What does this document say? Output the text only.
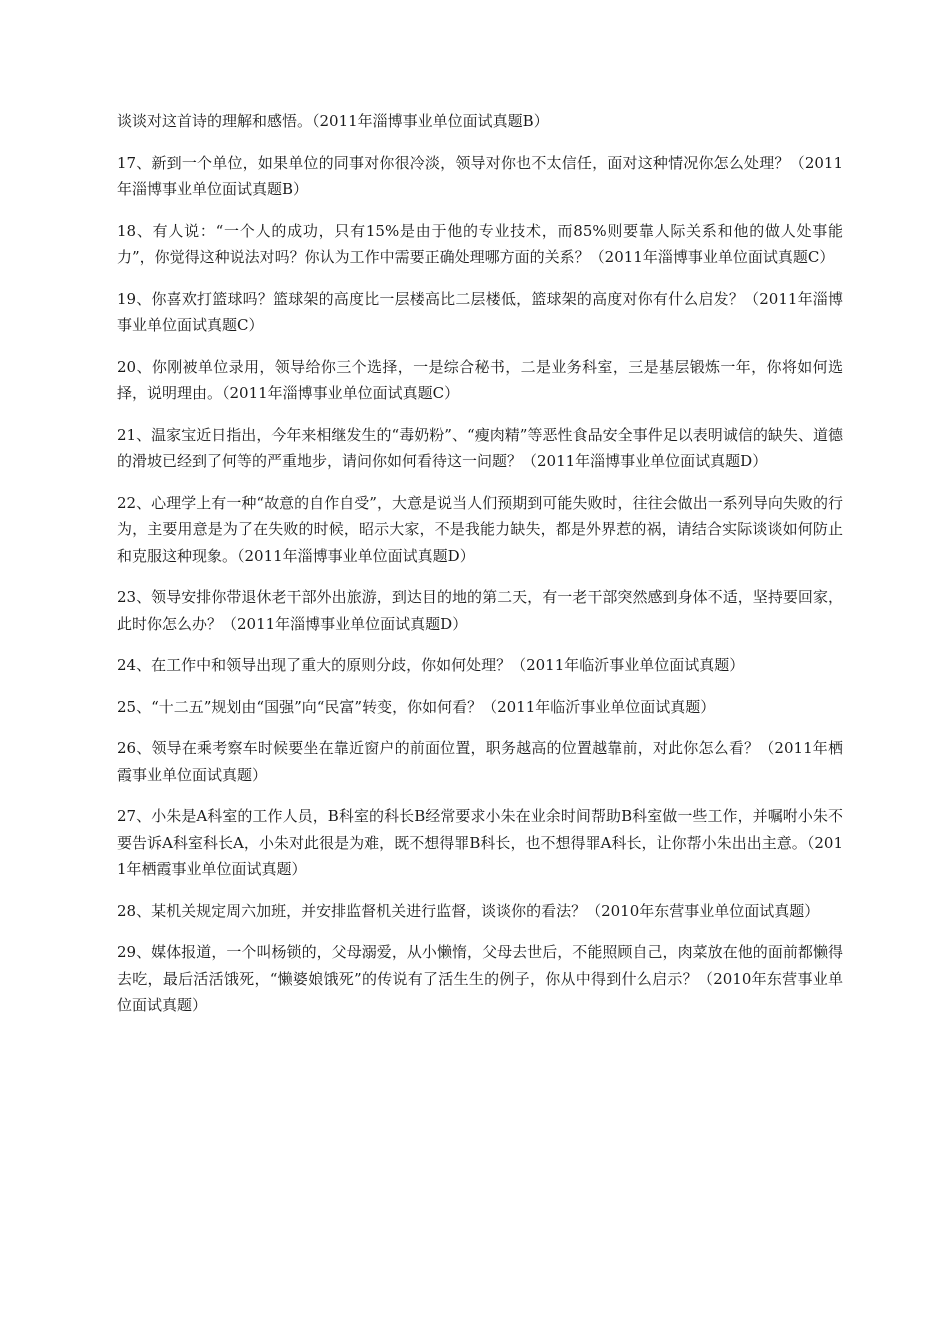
谈谈对这首诗的理解和感悟。（2011年淄博事业单位面试真题B）

17、新到一个单位，如果单位的同事对你很冷淡，领导对你也不太信任，面对这种情况你怎么处理？（2011年淄博事业单位面试真题B）

18、有人说：“一个人的成功，只有15%是由于他的专业技术，而85%则要靠人际关系和他的做人处事能力”，你觉得这种说法对吗？你认为工作中需要正确处理哪方面的关系？（2011年淄博事业单位面试真题C）

19、你喜欢打篮球吗？篮球架的高度比一层楼高比二层楼低，篮球架的高度对你有什么启发？（2011年淄博事业单位面试真题C）

20、你刚被单位录用，领导给你三个选择，一是综合秘书，二是业务科室，三是基层锻炼一年，你将如何选择，说明理由。（2011年淄博事业单位面试真题C）

21、温家宝近日指出，今年来相继发生的“毒奶粉”、“瘦肉精”等恶性食品安全事件足以表明诚信的缺失、道德的滑坡已经到了何等的严重地步，请问你如何看待这一问题？（2011年淄博事业单位面试真题D）

22、心理学上有一种“故意的自作自受”，大意是说当人们预期到可能失败时，往往会做出一系列导向失败的行为，主要用意是为了在失败的时候，昭示大家，不是我能力缺失，都是外界惹的祸，请结合实际谈谈如何防止和克服这种现象。（2011年淄博事业单位面试真题D）

23、领导安排你带退休老干部外出旅游，到达目的地的第二天，有一老干部突然感到身体不适，坚持要回家，此时你怎么办？（2011年淄博事业单位面试真题D）

24、在工作中和领导出现了重大的原则分歧，你如何处理？（2011年临沂事业单位面试真题）

25、“十二五”规划由“国强”向“民富”转变，你如何看？（2011年临沂事业单位面试真题）

26、领导在乘考察车时候要坐在靠近窗户的前面位置，职务越高的位置越靠前，对此你怎么看？（2011年栖霞事业单位面试真题）

27、小朱是A科室的工作人员，B科室的科长B经常要求小朱在业余时间帮助B科室做一些工作，并嘱咐小朱不要告诉A科室科长A，小朱对此很是为难，既不想得罪B科长，也不想得罪A科长，让你帮小朱出出主意。（2011年栖霞事业单位面试真题）

28、某机关规定周六加班，并安排监督机关进行监督，谈谈你的看法？（2010年东营事业单位面试真题）

29、媒体报道，一个叫杨锁的，父母溺爱，从小懒惰，父母去世后，不能照顾自己，肉菜放在他的面前都懒得去吃，最后活活饿死，“懒婆娘饿死”的传说有了活生生的例子，你从中得到什么启示？（2010年东营事业单位面试真题）
